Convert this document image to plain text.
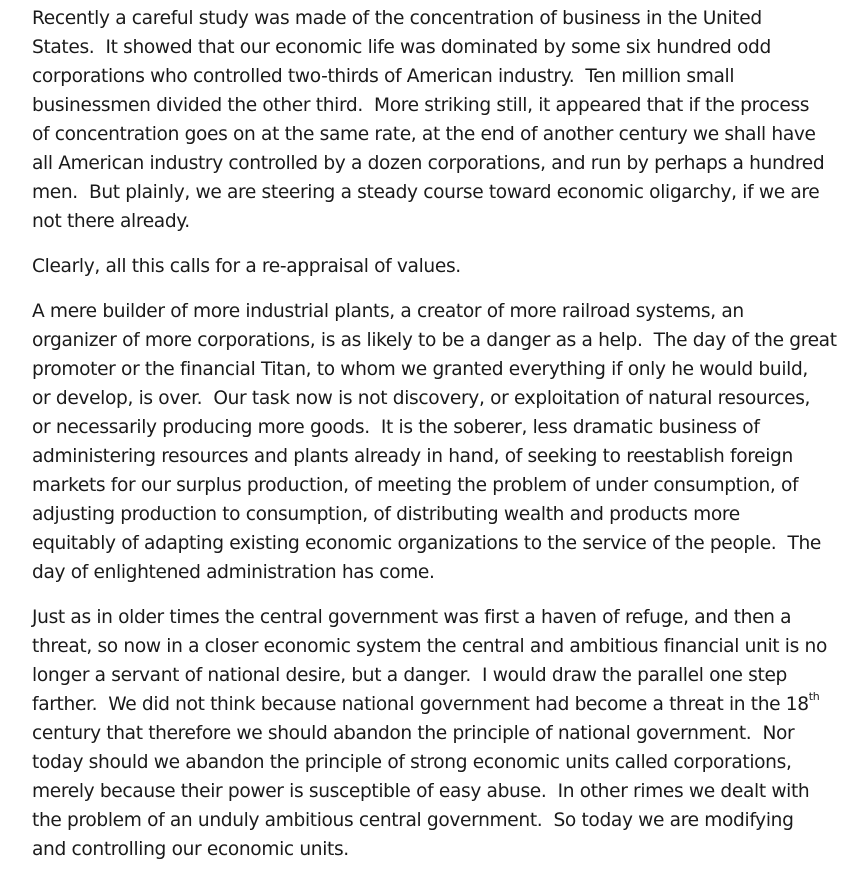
Recently a careful study was made of the concentration of business in the United
States.  It showed that our economic life was dominated by some six hundred odd
corporations who controlled two-thirds of American industry.  Ten million small
businessmen divided the other third.  More striking still, it appeared that if the process
of concentration goes on at the same rate, at the end of another century we shall have
all American industry controlled by a dozen corporations, and run by perhaps a hundred
men.  But plainly, we are steering a steady course toward economic oligarchy, if we are
not there already.
Clearly, all this calls for a re-appraisal of values.
A mere builder of more industrial plants, a creator of more railroad systems, an
organizer of more corporations, is as likely to be a danger as a help.  The day of the great
promoter or the financial Titan, to whom we granted everything if only he would build,
or develop, is over.  Our task now is not discovery, or exploitation of natural resources,
or necessarily producing more goods.  It is the soberer, less dramatic business of
administering resources and plants already in hand, of seeking to reestablish foreign
markets for our surplus production, of meeting the problem of under consumption, of
adjusting production to consumption, of distributing wealth and products more
equitably of adapting existing economic organizations to the service of the people.  The
day of enlightened administration has come.
Just as in older times the central government was first a haven of refuge, and then a
threat, so now in a closer economic system the central and ambitious financial unit is no
longer a servant of national desire, but a danger.  I would draw the parallel one step
farther.  We did not think because national government had become a threat in the 18th
century that therefore we should abandon the principle of national government.  Nor
today should we abandon the principle of strong economic units called corporations,
merely because their power is susceptible of easy abuse.  In other rimes we dealt with
the problem of an unduly ambitious central government.  So today we are modifying
and controlling our economic units.
